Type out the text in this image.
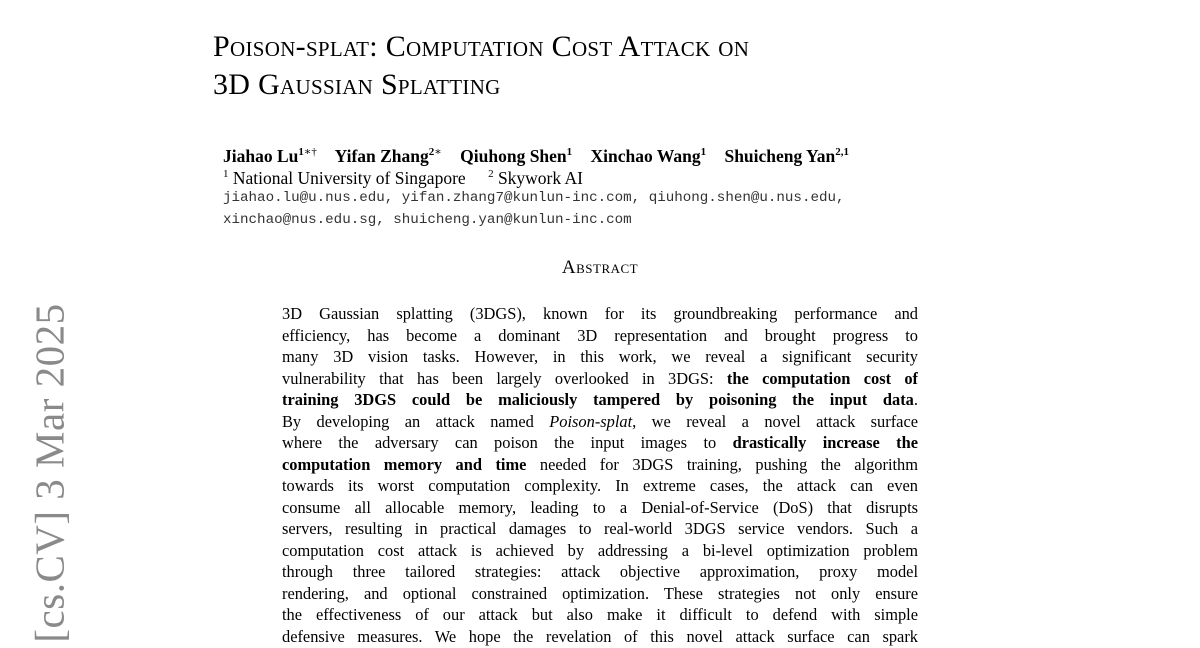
[cs.CV] 3 Mar 2025
Poison-splat: Computation Cost Attack on
3D Gaussian Splatting
Jiahao $Lu^{1∗\dagger}$ Yifan Zhang$^{2∗}$ Qiuhong Shen$^1$ Xinchao Wang$^1$ Shuicheng Yan$^{2,1}$
$^1$ National University of Singapore $^2$ Skywork AI
jiahao.lu@u.nus.edu, yifan.zhang7@kunlun-inc.com, qiuhong.shen@u.nus.edu,
xinchao@nus.edu.sg, shuicheng.yan@kunlun-inc.com
Abstract
3D Gaussian splatting (3DGS), known for its groundbreaking performance and
efficiency, has become a dominant 3D representation and brought progress to
many 3D vision tasks. However, in this work, we reveal a significant security
vulnerability that has been largely overlooked in 3DGS: the computation cost of
training 3DGS could be maliciously tampered by poisoning the input data.
By developing an attack named Poison-splat, we reveal a novel attack surface
where the adversary can poison the input images to drastically increase the
computation memory and time needed for 3DGS training, pushing the algorithm
towards its worst computation complexity. In extreme cases, the attack can even
consume all allocable memory, leading to a Denial-of-Service (DoS) that disrupts
servers, resulting in practical damages to real-world 3DGS service vendors. Such a
computation cost attack is achieved by addressing a bi-level optimization problem
through three tailored strategies: attack objective approximation, proxy model
rendering, and optional constrained optimization. These strategies not only ensure
the effectiveness of our attack but also make it difficult to defend with simple
defensive measures. We hope the revelation of this novel attack surface can spark
